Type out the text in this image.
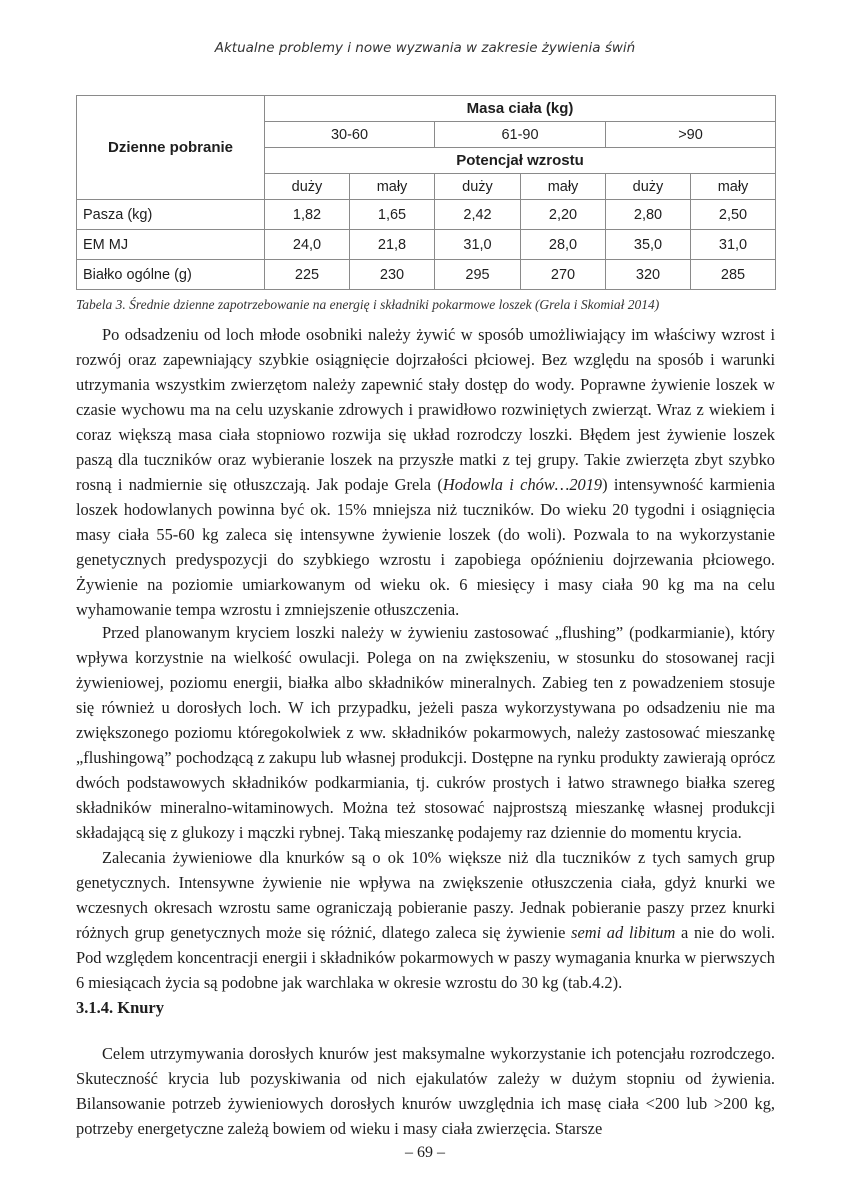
Aktualne problemy i nowe wyzwania w zakresie żywienia świń
Dzienne pobranie	Masa ciała (kg)					
	30-60		61-90		>90	
	Potencjał wzrostu					
	duży	mały	duży	mały	duży	mały
Pasza (kg)	1,82	1,65	2,42	2,20	2,80	2,50
EM MJ	24,0	21,8	31,0	28,0	35,0	31,0
Białko ogólne (g)	225	230	295	270	320	285
Tabela 3. Średnie dzienne zapotrzebowanie na energię i składniki pokarmowe loszek (Grela i Skomiał 2014)

Po odsadzeniu od loch młode osobniki należy żywić w sposób umożliwiający im właściwy wzrost i rozwój oraz zapewniający szybkie osiągnięcie dojrzałości płciowej. Bez względu na sposób i warunki utrzymania wszystkim zwierzętom należy zapewnić stały dostęp do wody. Poprawne żywienie loszek w czasie wychowu ma na celu uzyskanie zdrowych i prawidłowo rozwiniętych zwierząt. Wraz z wiekiem i coraz większą masa ciała stopniowo rozwija się układ rozrodczy loszki. Błędem jest żywienie loszek paszą dla tuczników oraz wybieranie loszek na przyszłe matki z tej grupy. Takie zwierzęta zbyt szybko rosną i nadmiernie się otłuszczają. Jak podaje Grela (Hodowla i chów…2019) intensywność karmienia loszek hodowlanych powinna być ok. 15% mniejsza niż tuczników. Do wieku 20 tygodni i osiągnięcia masy ciała 55-60 kg zaleca się intensywne żywienie loszek (do woli). Pozwala to na wykorzystanie genetycznych predyspozycji do szybkiego wzrostu i zapobiega opóźnieniu dojrzewania płciowego. Żywienie na poziomie umiarkowanym od wieku ok. 6 miesięcy i masy ciała 90 kg ma na celu wyhamowanie tempa wzrostu i zmniejszenie otłuszczenia.

Przed planowanym kryciem loszki należy w żywieniu zastosować „flushing” (podkarmianie), który wpływa korzystnie na wielkość owulacji. Polega on na zwiększeniu, w stosunku do stosowanej racji żywieniowej, poziomu energii, białka albo składników mineralnych. Zabieg ten z powadzeniem stosuje się również u dorosłych loch. W ich przypadku, jeżeli pasza wykorzystywana po odsadzeniu nie ma zwiększonego poziomu któregokolwiek z ww. składników pokarmowych, należy zastosować mieszankę „flushingową” pochodzącą z zakupu lub własnej produkcji. Dostępne na rynku produkty zawierają oprócz dwóch podstawowych składników podkarmiania, tj. cukrów prostych i łatwo strawnego białka szereg składników mineralno-witaminowych. Można też stosować najprostszą mieszankę własnej produkcji składającą się z glukozy i mączki rybnej. Taką mieszankę podajemy raz dziennie do momentu krycia.

Zalecania żywieniowe dla knurków są o ok 10% większe niż dla tuczników z tych samych grup genetycznych. Intensywne żywienie nie wpływa na zwiększenie otłuszczenia ciała, gdyż knurki we wczesnych okresach wzrostu same ograniczają pobieranie paszy. Jednak pobieranie paszy przez knurki różnych grup genetycznych może się różnić, dlatego zaleca się żywienie semi ad libitum a nie do woli. Pod względem koncentracji energii i składników pokarmowych w paszy wymagania knurka w pierwszych 6 miesiącach życia są podobne jak warchlaka w okresie wzrostu do 30 kg (tab.4.2).

3.1.4. Knury

Celem utrzymywania dorosłych knurów jest maksymalne wykorzystanie ich potencjału rozrodczego. Skuteczność krycia lub pozyskiwania od nich ejakulatów zależy w dużym stopniu od żywienia. Bilansowanie potrzeb żywieniowych dorosłych knurów uwzględnia ich masę ciała <200 lub >200 kg, potrzeby energetyczne zależą bowiem od wieku i masy ciała zwierzęcia. Starsze

– 69 –
